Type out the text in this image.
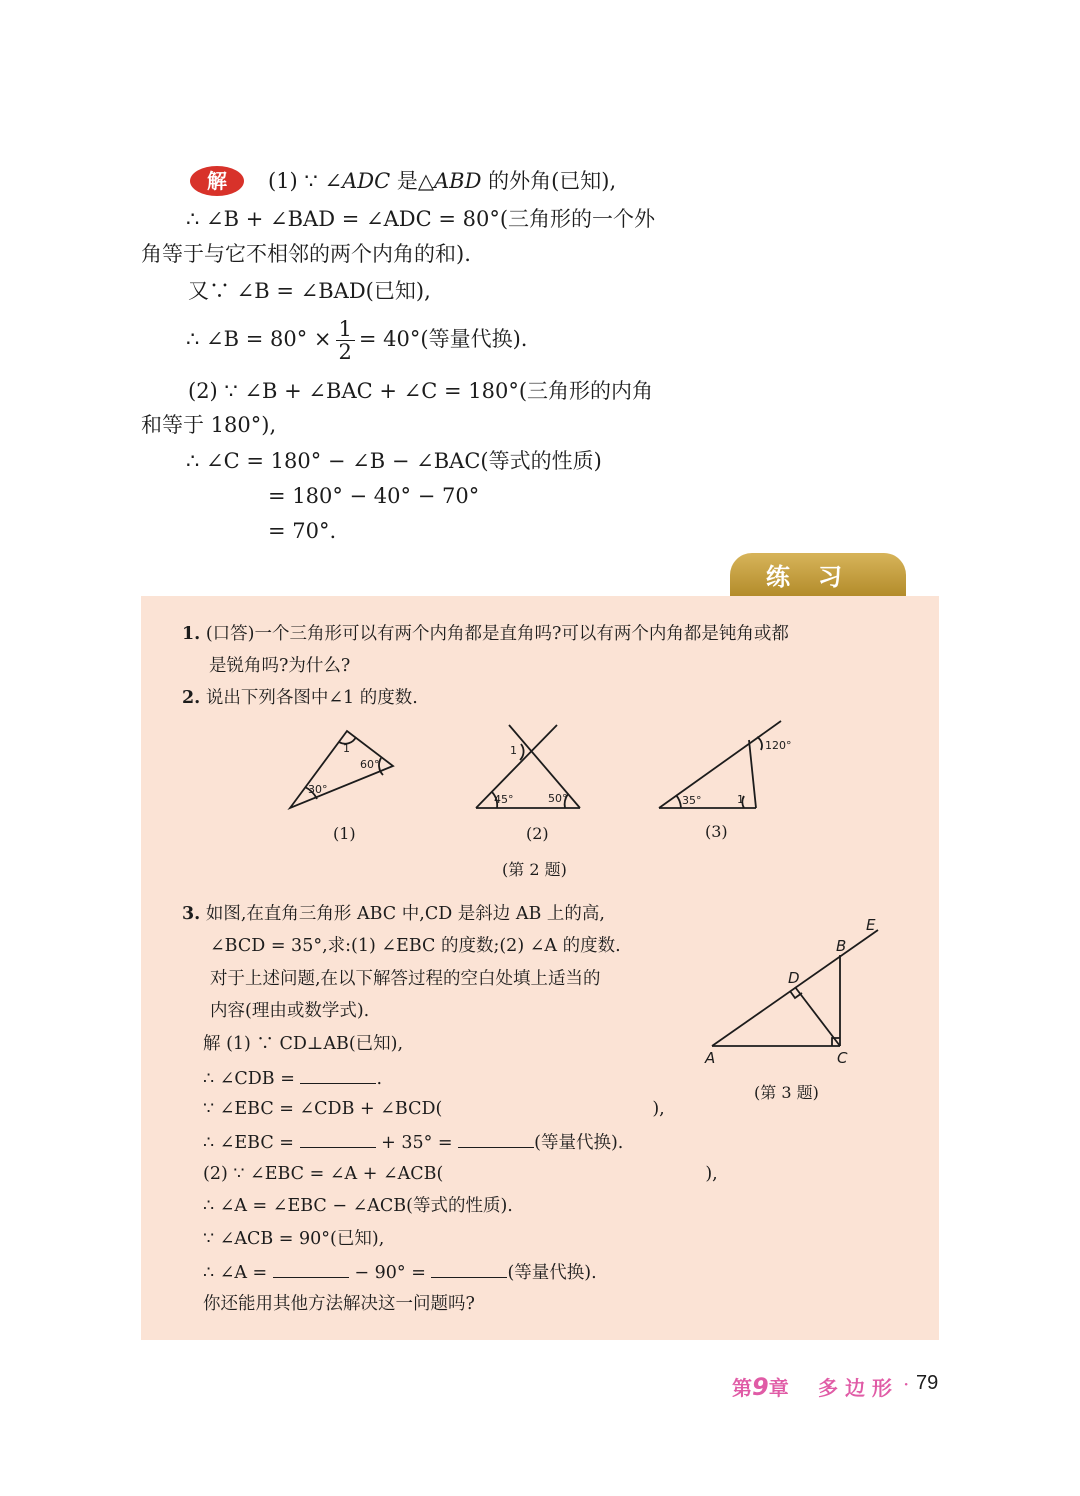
解	(1) ∵ ∠ADC 是△ABD 的外角(已知),
∴ ∠B + ∠BAD = ∠ADC = 80°(三角形的一个外
角等于与它不相邻的两个内角的和).
又∵ ∠B = ∠BAD(已知),
∴ ∠B = $80^\circ \times \frac{1}{2} = 40^\circ$(等量代换).
(2) ∵ ∠B + ∠BAC + ∠C = 180°(三角形的内角
和等于 180°),
∴ ∠C = 180° − ∠B − ∠BAC(等式的性质)
= 180° − 40° − 70°
= 70°.
练习
1. (口答)一个三角形可以有两个内角都是直角吗?可以有两个内角都是钝角或都
是锐角吗?为什么?
2. 说出下列各图中∠1 的度数.
1
60°
30°
1
45°	50°
120°
35°	1
(1)	(2)	(3)
(第 2 题)
3. 如图,在直角三角形 ABC 中,CD 是斜边 AB 上的高,
∠BCD = 35°,求:(1) ∠EBC 的度数;(2) ∠A 的度数.
对于上述问题,在以下解答过程的空白处填上适当的
内容(理由或数学式).
解 (1) ∵ CD⊥AB(已知),
∴ ∠CDB =	.
∵ ∠EBC = ∠CDB + ∠BCD(	),
∴ ∠EBC =	+ 35° =	(等量代换).
(2) ∵ ∠EBC = ∠A + ∠ACB(	),
∴ ∠A = ∠EBC − ∠ACB(等式的性质).
∵ ∠ACB = 90°(已知),
∴ ∠A =	− 90° =	(等量代换).
你还能用其他方法解决这一问题吗?
A
B
C
D
E
(第 3 题)
第9章 多 边 形 · 79
